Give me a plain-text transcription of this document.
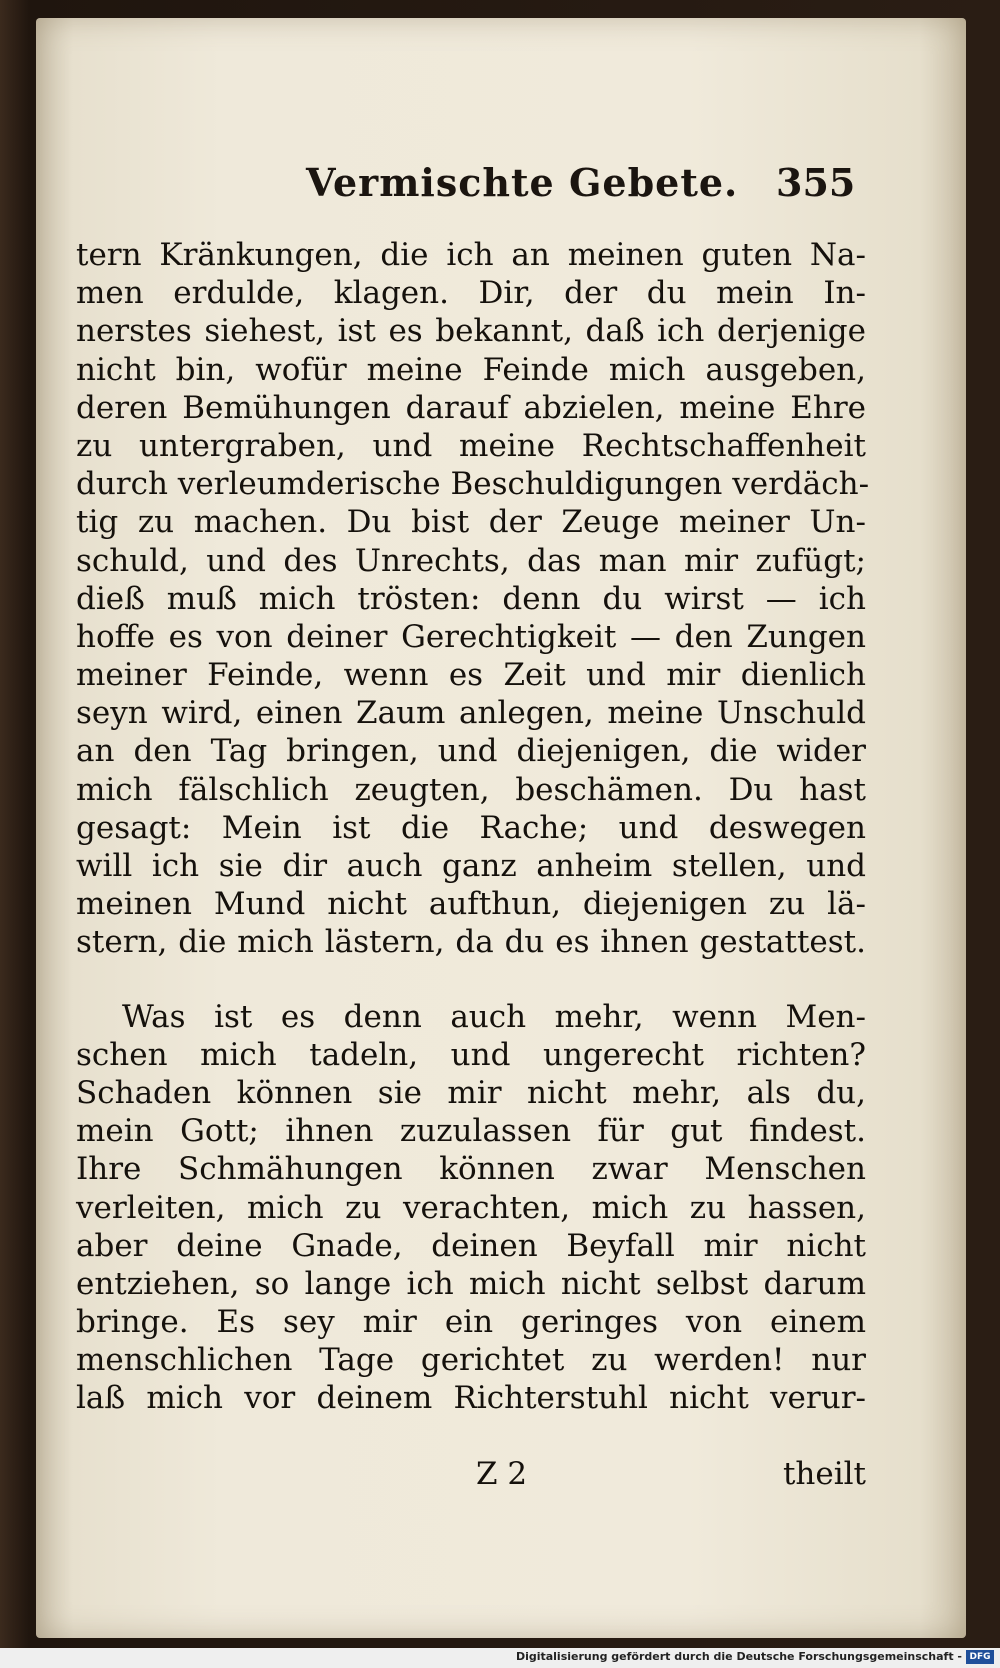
Vermischte Gebete. 355
tern Kränkungen, die ich an meinen guten Na-
men erdulde, klagen. Dir, der du mein In-
nerstes siehest, ist es bekannt, daß ich derjenige
nicht bin, wofür meine Feinde mich ausgeben,
deren Bemühungen darauf abzielen, meine Ehre
zu untergraben, und meine Rechtschaffenheit
durch verleumderische Beschuldigungen verdäch-
tig zu machen. Du bist der Zeuge meiner Un-
schuld, und des Unrechts, das man mir zufügt;
dieß muß mich trösten: denn du wirst — ich
hoffe es von deiner Gerechtigkeit — den Zungen
meiner Feinde, wenn es Zeit und mir dienlich
seyn wird, einen Zaum anlegen, meine Unschuld
an den Tag bringen, und diejenigen, die wider
mich fälschlich zeugten, beschämen. Du hast
gesagt: Mein ist die Rache; und deswegen
will ich sie dir auch ganz anheim stellen, und
meinen Mund nicht aufthun, diejenigen zu lä-
stern, die mich lästern, da du es ihnen gestattest.
Was ist es denn auch mehr, wenn Men-
schen mich tadeln, und ungerecht richten?
Schaden können sie mir nicht mehr, als du,
mein Gott; ihnen zuzulassen für gut findest.
Ihre Schmähungen können zwar Menschen
verleiten, mich zu verachten, mich zu hassen,
aber deine Gnade, deinen Beyfall mir nicht
entziehen, so lange ich mich nicht selbst darum
bringe. Es sey mir ein geringes von einem
menschlichen Tage gerichtet zu werden! nur
laß mich vor deinem Richterstuhl nicht verur-
Z 2	theilt
Digitalisierung gefördert durch die Deutsche Forschungsgemeinschaft - DFG
